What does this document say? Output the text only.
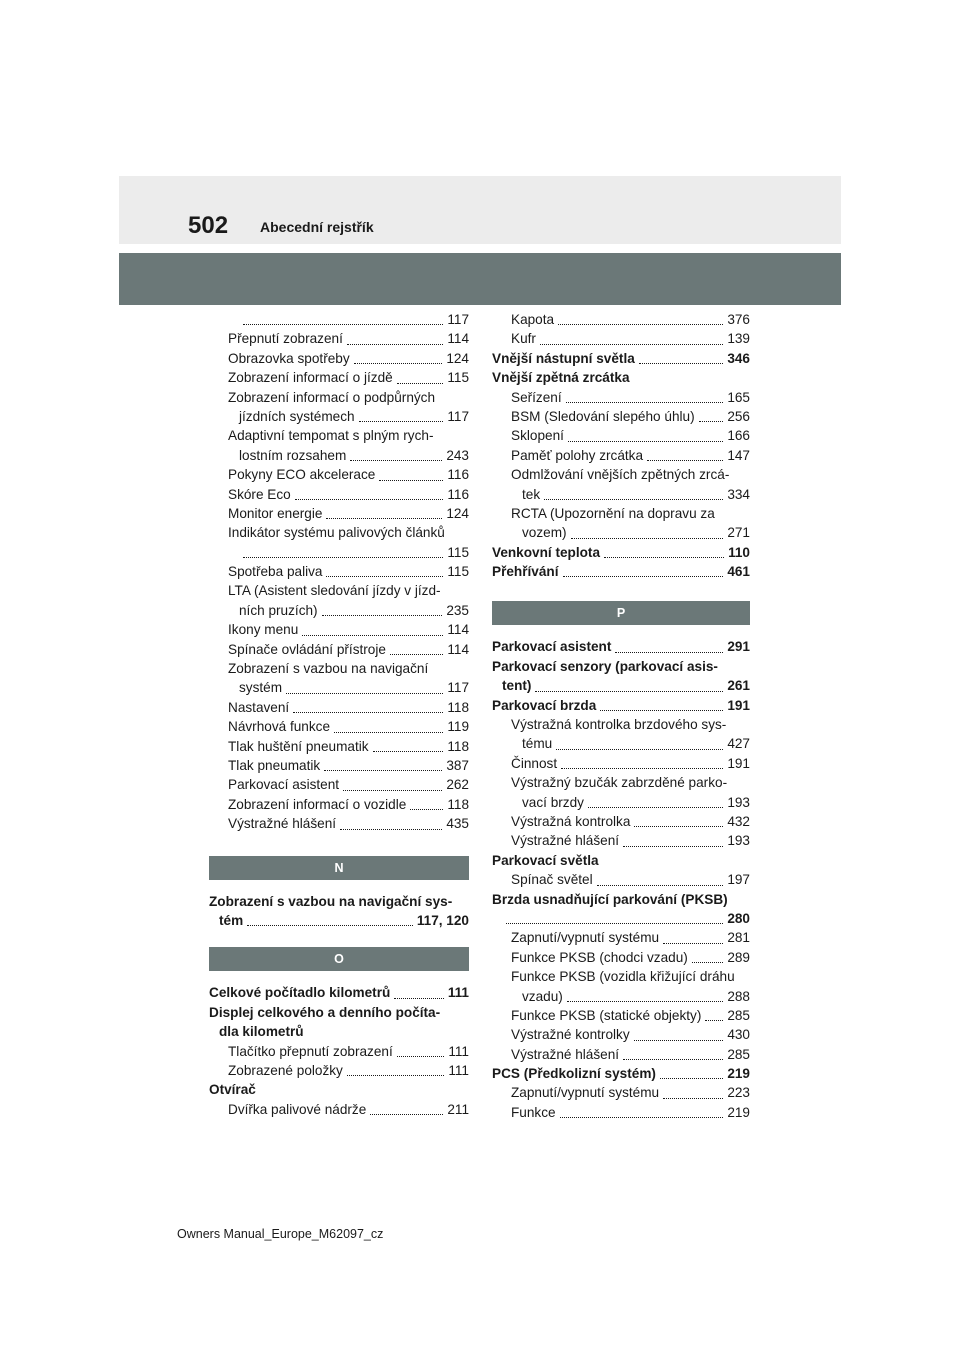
502 Abecední rejstřík
117
Přepnutí zobrazení	114
Obrazovka spotřeby	124
Zobrazení informací o jízdě	115
Zobrazení informací o podpůrných
jízdních systémech	117
Adaptivní tempomat s plným rych-
lostním rozsahem	243
Pokyny ECO akcelerace	116
Skóre Eco	116
Monitor energie	124
Indikátor systému palivových článků
115
Spotřeba paliva	115
LTA (Asistent sledování jízdy v jízd-
ních pruzích)	235
Ikony menu	114
Spínače ovládání přístroje	114
Zobrazení s vazbou na navigační
systém	117
Nastavení	118
Návrhová funkce	119
Tlak huštění pneumatik	118
Tlak pneumatik	387
Parkovací asistent	262
Zobrazení informací o vozidle	118
Výstražné hlášení	435
N
Zobrazení s vazbou na navigační sys-
tém	117, 120
O
Celkové počítadlo kilometrů	111
Displej celkového a denního počíta-
dla kilometrů
Tlačítko přepnutí zobrazení	111
Zobrazené položky	111
Otvírač
Dvířka palivové nádrže	211
Kapota	376
Kufr	139
Vnější nástupní světla	346
Vnější zpětná zrcátka
Seřízení	165
BSM (Sledování slepého úhlu) 256
Sklopení	166
Paměť polohy zrcátka	147
Odmlžování vnějších zpětných zrcá-
tek	334
RCTA (Upozornění na dopravu za
vozem)	271
Venkovní teplota	110
Přehřívání	461
P
Parkovací asistent	291
Parkovací senzory (parkovací asis-
tent)	261
Parkovací brzda	191
Výstražná kontrolka brzdového sys-
tému	427
Činnost	191
Výstražný bzučák zabrzděné parko-
vací brzdy	193
Výstražná kontrolka	432
Výstražné hlášení	193
Parkovací světla
Spínač světel	197
Brzda usnadňující parkování (PKSB)
280
Zapnutí/vypnutí systému	281
Funkce PKSB (chodci vzadu)	289
Funkce PKSB (vozidla křižující dráhu
vzadu)	288
Funkce PKSB (statické objekty) 285
Výstražné kontrolky	430
Výstražné hlášení	285
PCS (Předkolizní systém)	219
Zapnutí/vypnutí systému	223
Funkce	219
Owners Manual_Europe_M62097_cz
